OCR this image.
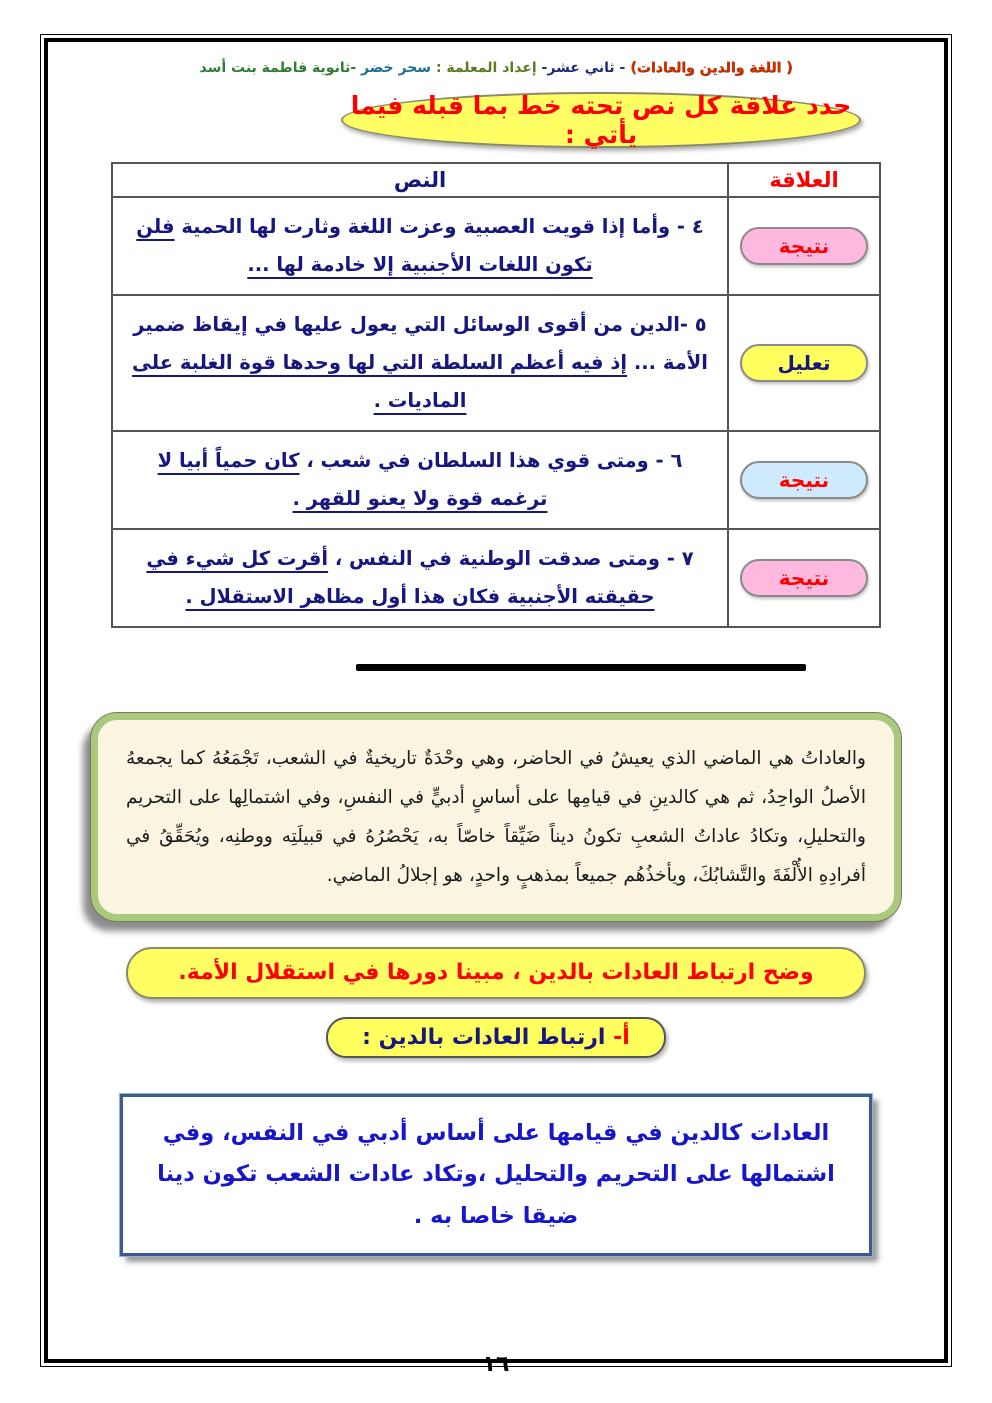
( اللغة والدين والعادات) - ثاني عشر- إعداد المعلمة : سحر خضر -ثانوية فاطمة بنت أسد
حدد علاقة كل نص تحته خط بما قبله فيما يأتي :
العلاقة	النص
نتيجة	٤ - وأما إذا قويت العصبية وعزت اللغة وثارت لها الحمية فلن تكون اللغات الأجنبية إلا خادمة لها ...
تعليل	٥ -الدين من أقوى الوسائل التي يعول عليها في إيقاظ ضمير الأمة ... إذ فيه أعظم السلطة التي لها وحدها قوة الغلبة على الماديات .
نتيجة	٦ - ومتى قوي هذا السلطان في شعب ، كان حمياً أبيا لا ترغمه قوة ولا يعنو للقهر .
نتيجة	٧ - ومتى صدقت الوطنية في النفس ، أقرت كل شيء في حقيقته الأجنبية فكان هذا أول مظاهر الاستقلال .
والعاداتُ هي الماضي الذي يعيشُ في الحاضر، وهي وحْدَةٌ تاريخيةٌ في الشعب، تَجْمَعُهُ كما يجمعهُ الأصلُ الواحِدُ، ثم هي كالدينِ في قيامِها على أساسٍ أدبيٍّ في النفسِ، وفي اشتمالِها على التحريم والتحليلِ، وتكادُ عاداتُ الشعبِ تكونُ ديناً ضَيِّقاً خاصّاً به، يَحْصُرُهُ في قبيلَتِه ووطنِه، ويُحَقِّقُ في أفرادِهِ الأُلْفَةَ والتَّشابُكَ، ويأخذُهُم جميعاً بمذهبٍ واحدٍ، هو إجلالُ الماضي.
وضح ارتباط العادات بالدين ، مبينا دورها في استقلال الأمة.
أ- ارتباط العادات بالدين :
العادات كالدين في قيامها على أساس أدبي في النفس، وفي اشتمالها على التحريم والتحليل ،وتكاد عادات الشعب تكون دينا ضيقا خاصا به .
١٦
